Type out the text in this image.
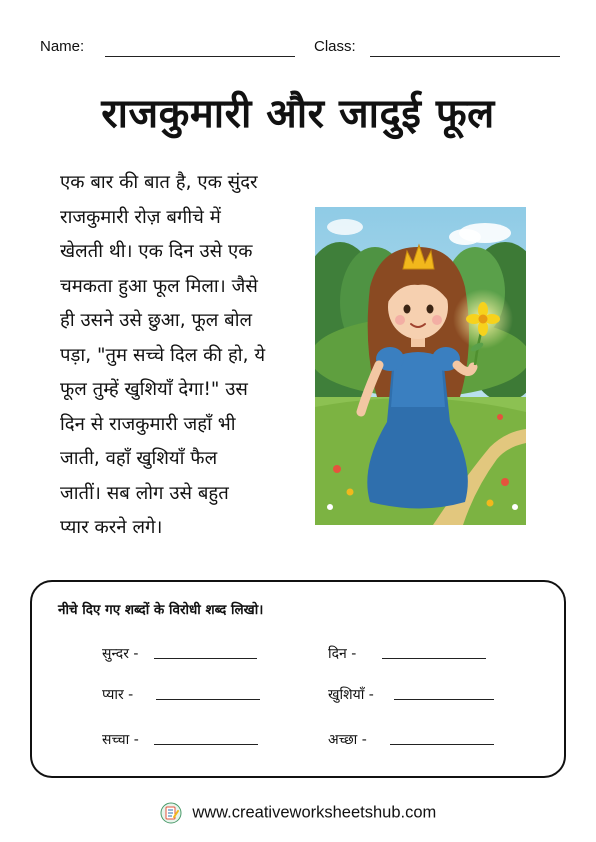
Name:	Class:
राजकुमारी और जादुई फूल
एक बार की बात है, एक सुंदर
राजकुमारी रोज़ बगीचे में
खेलती थी। एक दिन उसे एक
चमकता हुआ फूल मिला। जैसे
ही उसने उसे छुआ, फूल बोल
पड़ा, "तुम सच्चे दिल की हो, ये
फूल तुम्हें खुशियाँ देगा!" उस
दिन से राजकुमारी जहाँ भी
जाती, वहाँ खुशियाँ फैल
जातीं। सब लोग उसे बहुत
प्यार करने लगे।
नीचे दिए गए शब्दों के विरोधी शब्द लिखो।
सुन्दर -
प्यार -
सच्चा -
दिन -
खुशियाँ -
अच्छा -
www.creativeworksheetshub.com
